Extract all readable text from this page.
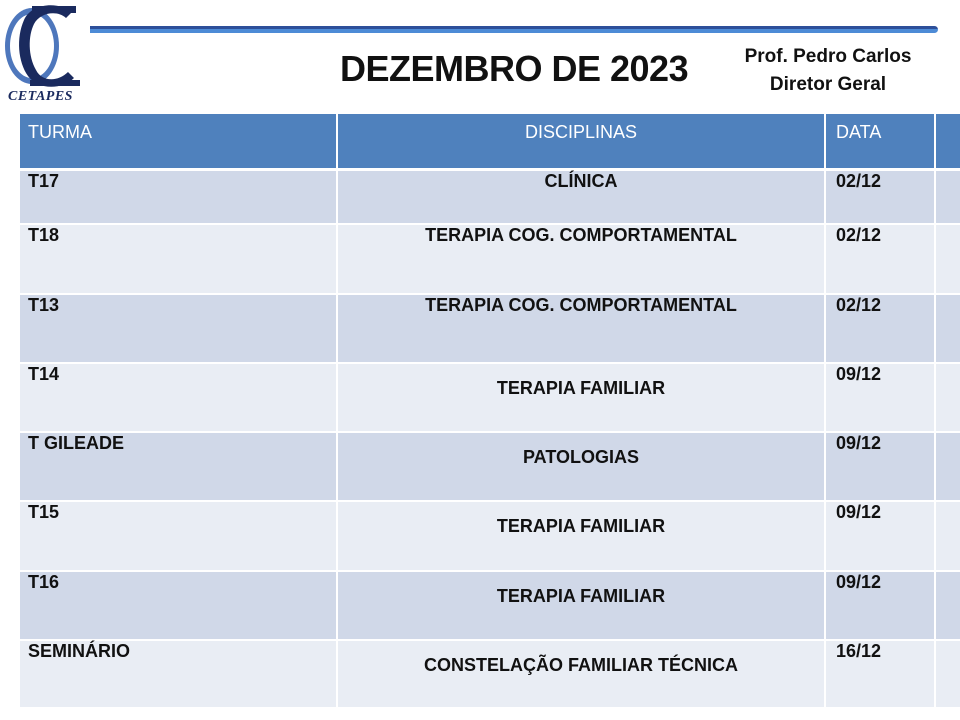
CETAPES
DEZEMBRO DE 2023	Prof. Pedro Carlos
Diretor Geral
TURMA	DISCIPLINAS	DATA	
T17	CLÍNICA	02/12	
T18	TERAPIA COG. COMPORTAMENTAL	02/12	
T13	TERAPIA COG. COMPORTAMENTAL	02/12	
T14	TERAPIA FAMILIAR	09/12	
T GILEADE	PATOLOGIAS	09/12	
T15	TERAPIA FAMILIAR	09/12	
T16	TERAPIA FAMILIAR	09/12	
SEMINÁRIO	CONSTELAÇÃO FAMILIAR TÉCNICA	16/12	
